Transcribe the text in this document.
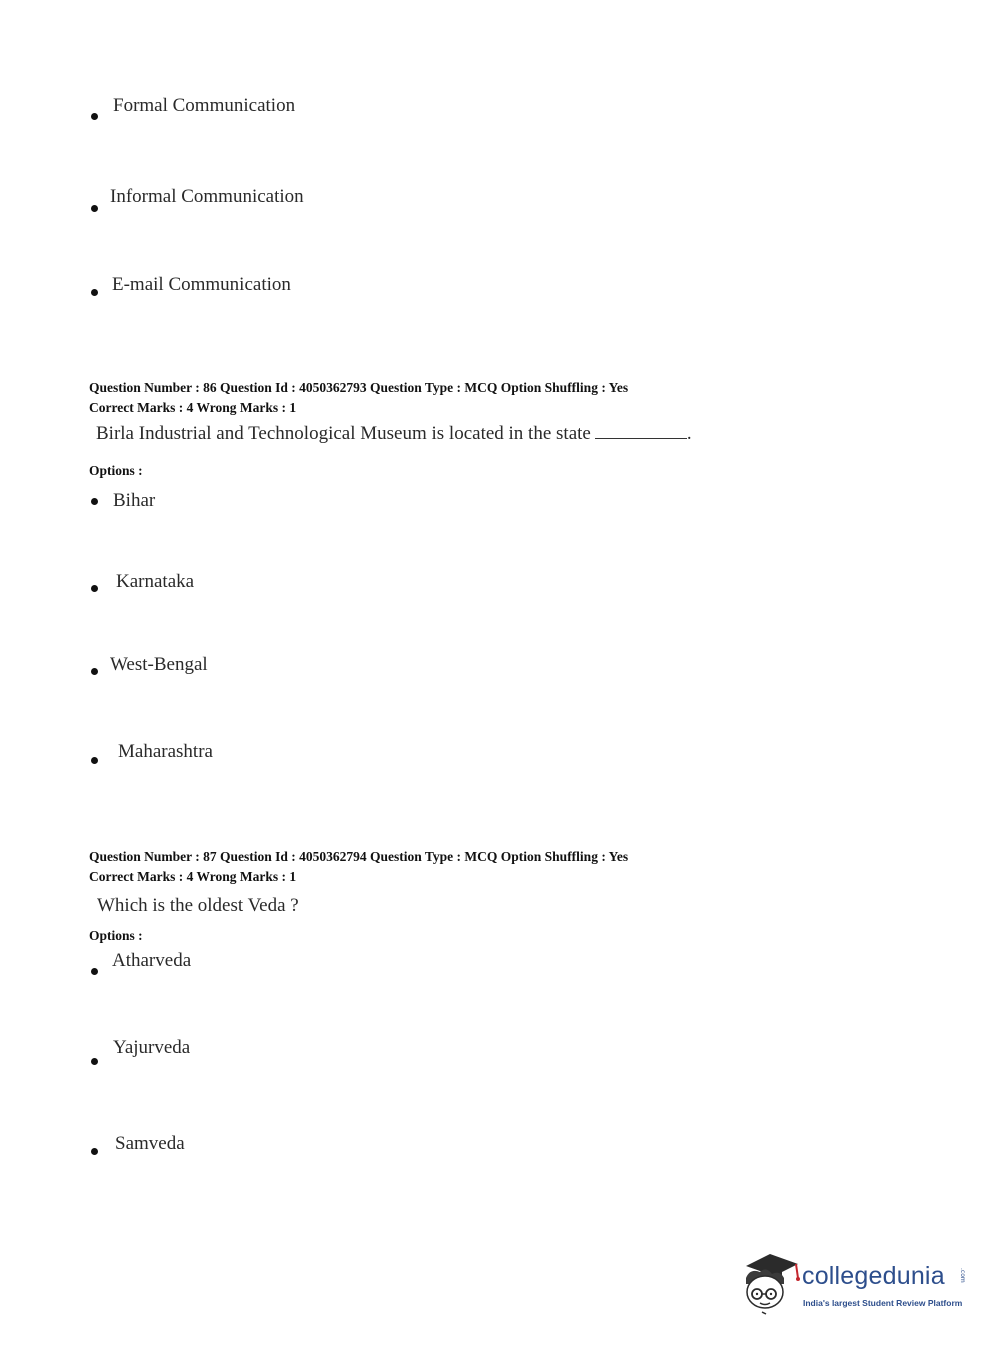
Formal Communication
Informal Communication
E-mail Communication
Question Number : 86 Question Id : 4050362793 Question Type : MCQ Option Shuffling : Yes
Correct Marks : 4 Wrong Marks : 1
Birla Industrial and Technological Museum is located in the state	.
Options :
Bihar
Karnataka
West-Bengal
Maharashtra
Question Number : 87 Question Id : 4050362794 Question Type : MCQ Option Shuffling : Yes
Correct Marks : 4 Wrong Marks : 1
Which is the oldest Veda ?
Options :
Atharveda
Yajurveda
Samveda
collegedunia .com
India's largest Student Review Platform
